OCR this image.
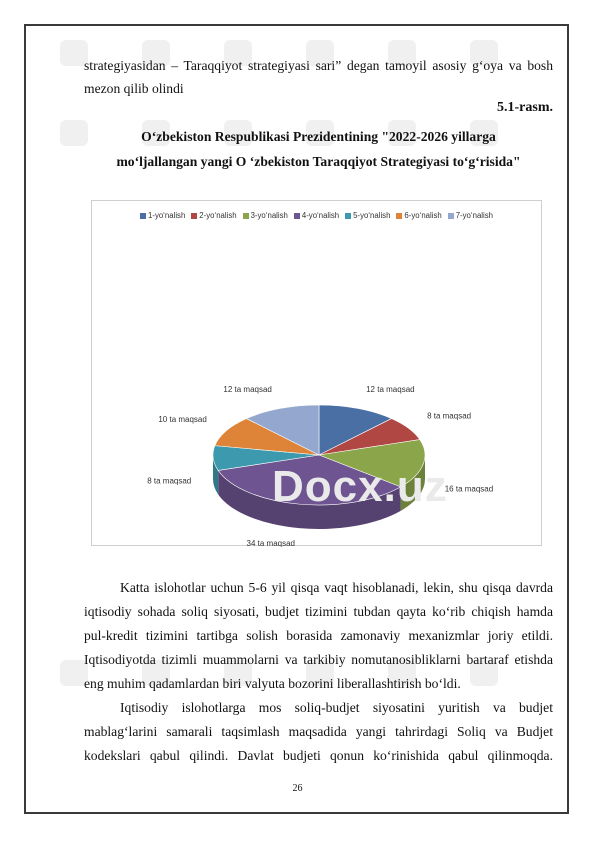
strategiyasidan – Taraqqiyot strategiyasi sari” degan tamoyil asosiy g‘oya va bosh
mezon qilib olindi
5.1-rasm.
O‘zbekiston Respublikasi Prezidentining "2022-2026 yillarga
mo‘ljallangan yangi O ‘zbekiston Taraqqiyot Strategiyasi to‘g‘risida"
1-yo‘nalish 2-yo‘nalish 3-yo‘nalish 4-yo‘nalish 5-yo‘nalish 6-yo‘nalish 7-yo‘nalish
12 ta maqsad
8 ta maqsad
16 ta maqsad
34 ta maqsad
8 ta maqsad
10 ta maqsad
12 ta maqsad
Docx.uz
Katta islohotlar uchun 5-6 yil qisqa vaqt hisoblanadi, lekin, shu qisqa davrda
iqtisodiy sohada soliq siyosati, budjet tizimini tubdan qayta ko‘rib chiqish hamda
pul-kredit tizimini tartibga solish borasida zamonaviy mexanizmlar joriy etildi.
Iqtisodiyotda tizimli muammolarni va tarkibiy nomutanosibliklarni bartaraf etishda
eng muhim qadamlardan biri valyuta bozorini liberallashtirish bo‘ldi.
Iqtisodiy islohotlarga mos soliq-budjet siyosatini yuritish va budjet
mablag‘larini samarali taqsimlash maqsadida yangi tahrirdagi Soliq va Budjet
kodekslari qabul qilindi. Davlat budjeti qonun ko‘rinishida qabul qilinmoqda.
26
